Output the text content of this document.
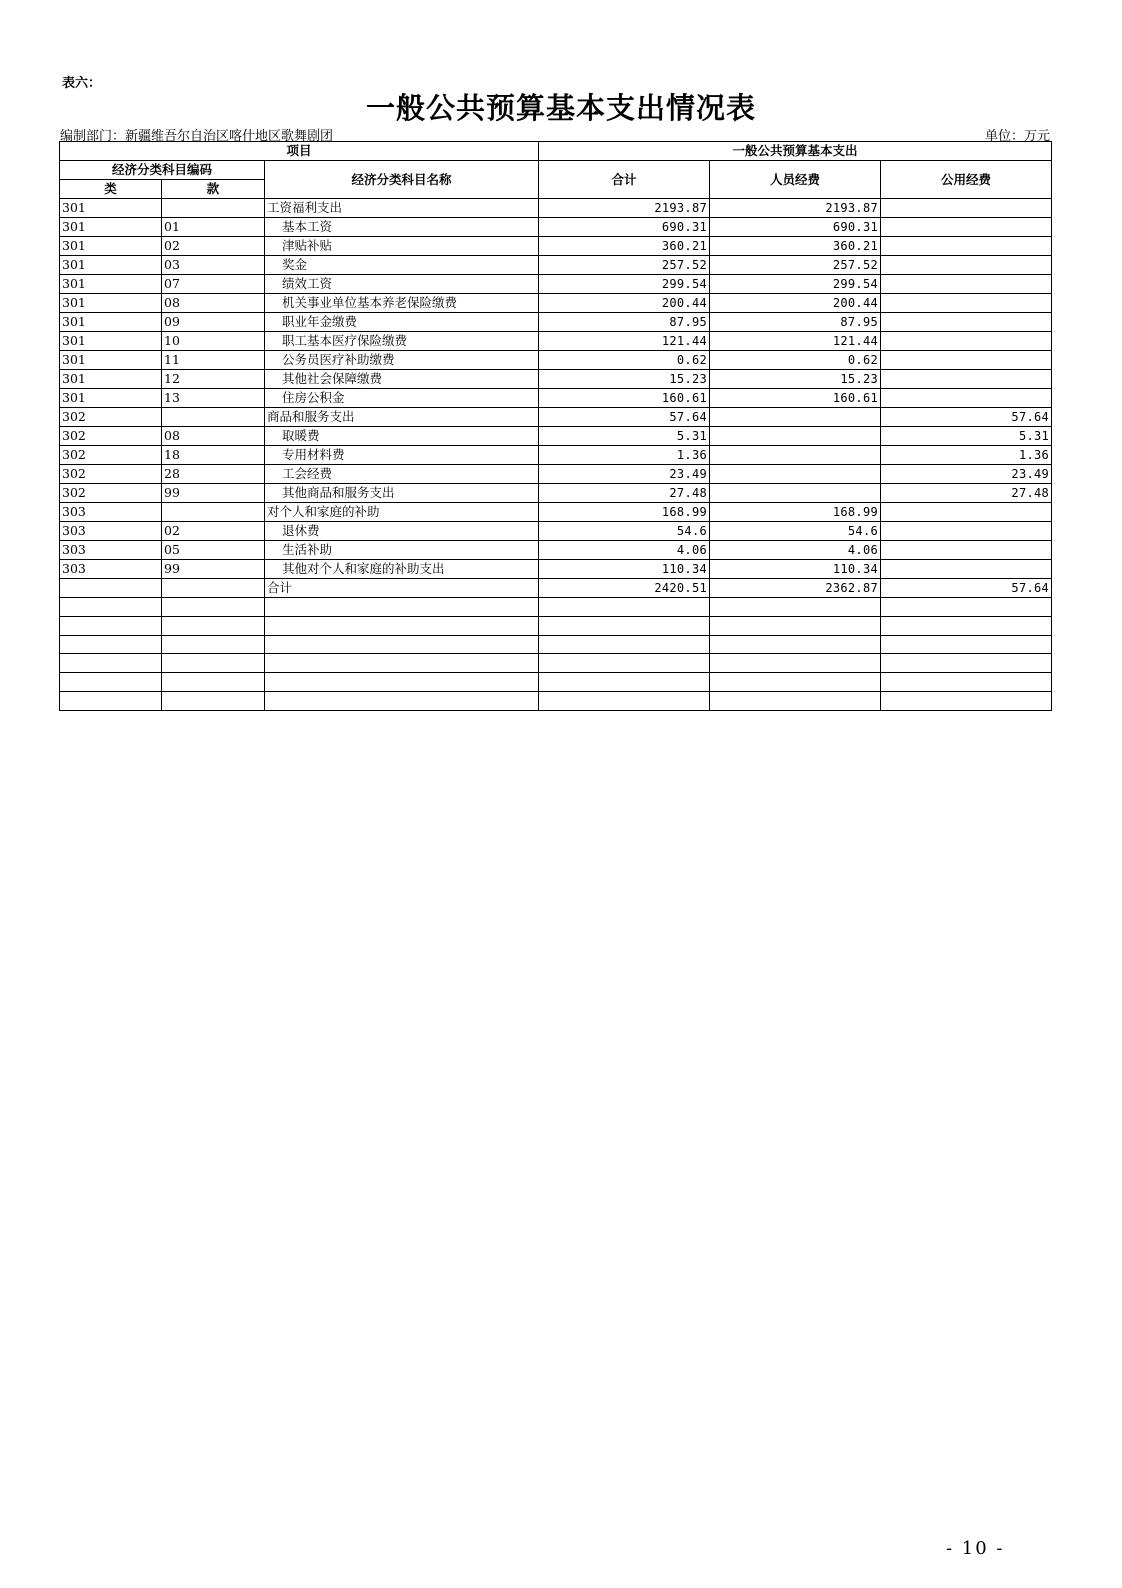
表六：
一般公共预算基本支出情况表
编制部门：新疆维吾尔自治区喀什地区歌舞剧团	单位：万元
项目			一般公共预算基本支出		
经济分类科目编码		经济分类科目名称	合计	人员经费	公用经费
类	款				
301		工资福利支出	2193.87	2193.87	
301	01	基本工资	690.31	690.31	
301	02	津贴补贴	360.21	360.21	
301	03	奖金	257.52	257.52	
301	07	绩效工资	299.54	299.54	
301	08	机关事业单位基本养老保险缴费	200.44	200.44	
301	09	职业年金缴费	87.95	87.95	
301	10	职工基本医疗保险缴费	121.44	121.44	
301	11	公务员医疗补助缴费	0.62	0.62	
301	12	其他社会保障缴费	15.23	15.23	
301	13	住房公积金	160.61	160.61	
302		商品和服务支出	57.64		57.64
302	08	取暖费	5.31		5.31
302	18	专用材料费	1.36		1.36
302	28	工会经费	23.49		23.49
302	99	其他商品和服务支出	27.48		27.48
303		对个人和家庭的补助	168.99	168.99	
303	02	退休费	54.6	54.6	
303	05	生活补助	4.06	4.06	
303	99	其他对个人和家庭的补助支出	110.34	110.34	
		合计	2420.51	2362.87	57.64

- 10 -
